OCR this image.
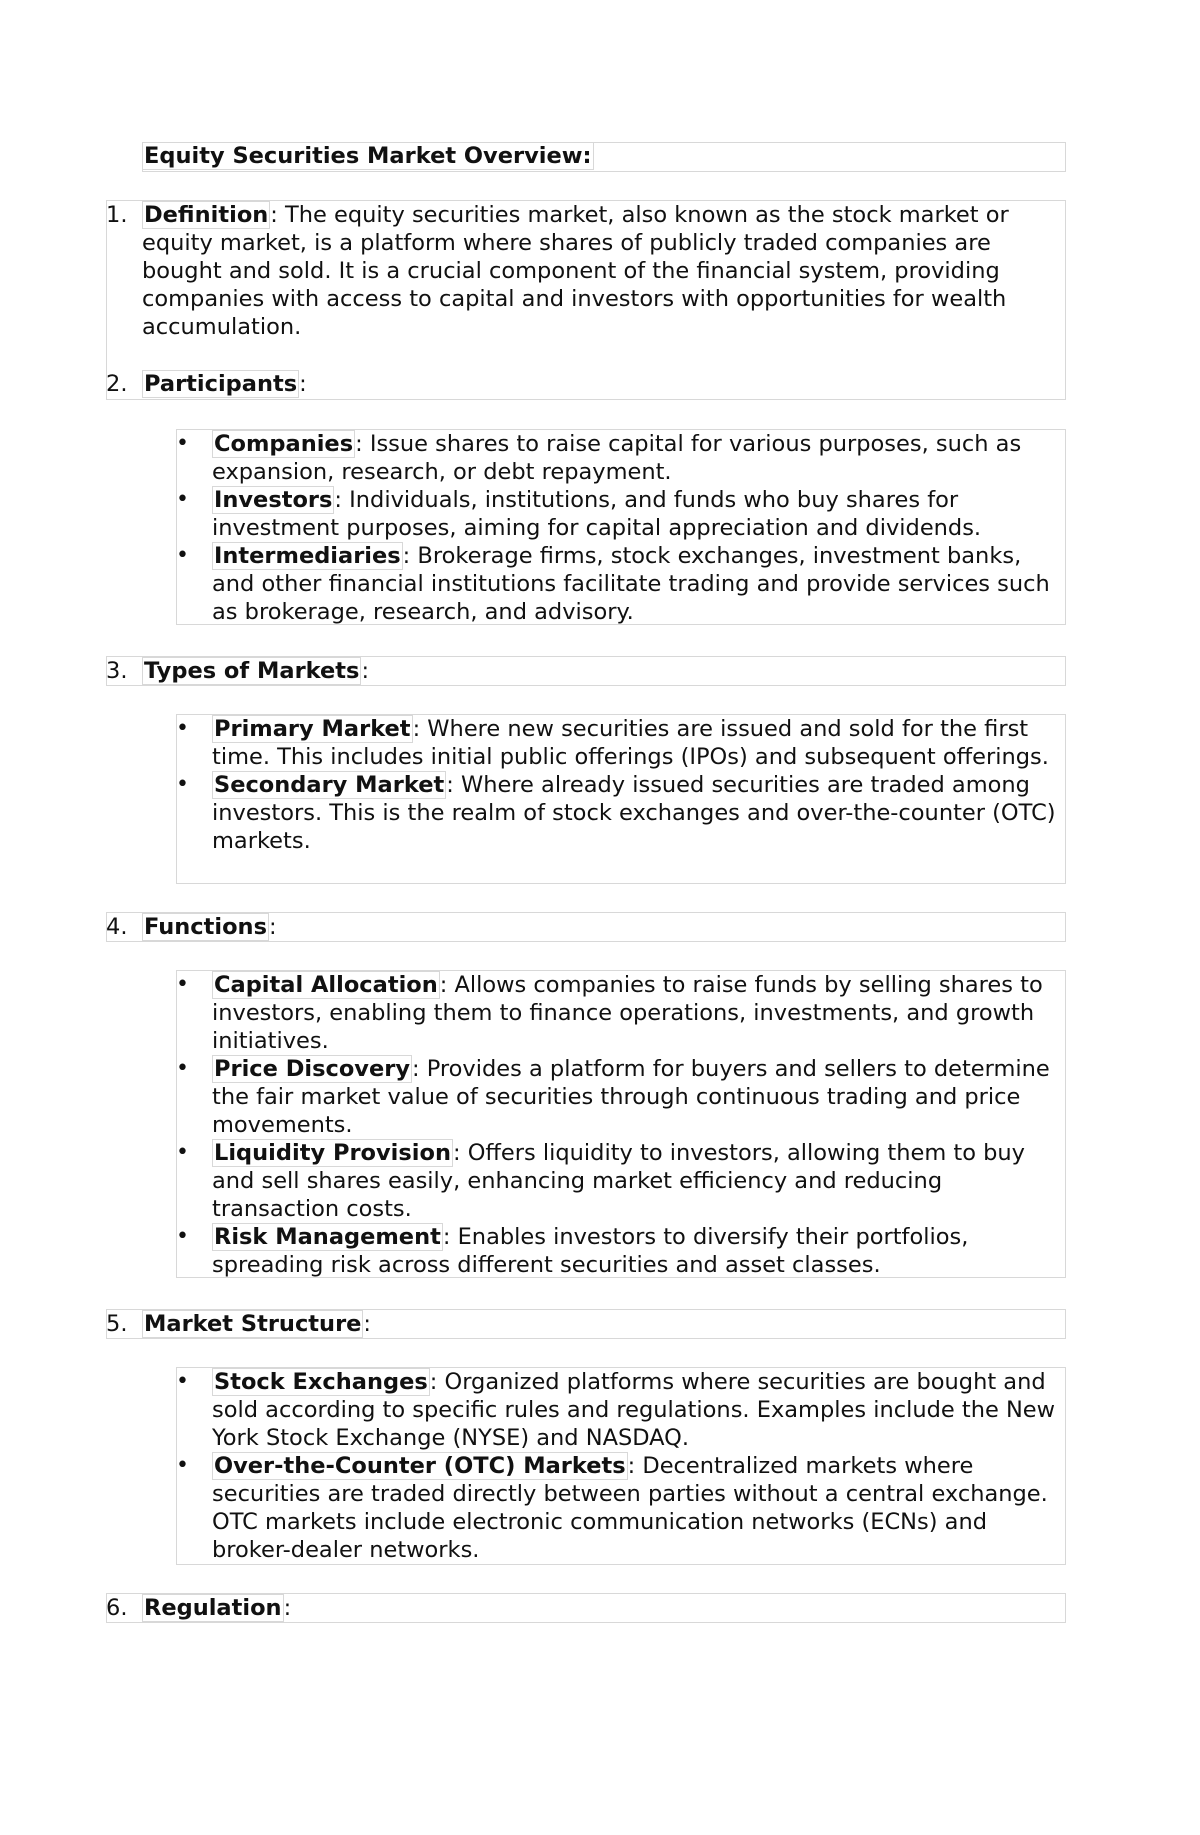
Equity Securities Market Overview:
1. Definition: The equity securities market, also known as the stock market or equity market, is a platform where shares of publicly traded companies are bought and sold. It is a crucial component of the financial system, providing companies with access to capital and investors with opportunities for wealth accumulation.
2. Participants:
• Companies: Issue shares to raise capital for various purposes, such as expansion, research, or debt repayment.
• Investors: Individuals, institutions, and funds who buy shares for investment purposes, aiming for capital appreciation and dividends.
• Intermediaries: Brokerage firms, stock exchanges, investment banks, and other financial institutions facilitate trading and provide services such as brokerage, research, and advisory.
3. Types of Markets:
• Primary Market: Where new securities are issued and sold for the first time. This includes initial public offerings (IPOs) and subsequent offerings.
• Secondary Market: Where already issued securities are traded among investors. This is the realm of stock exchanges and over-the-counter (OTC) markets.
4. Functions:
• Capital Allocation: Allows companies to raise funds by selling shares to investors, enabling them to finance operations, investments, and growth initiatives.
• Price Discovery: Provides a platform for buyers and sellers to determine the fair market value of securities through continuous trading and price movements.
• Liquidity Provision: Offers liquidity to investors, allowing them to buy and sell shares easily, enhancing market efficiency and reducing transaction costs.
• Risk Management: Enables investors to diversify their portfolios, spreading risk across different securities and asset classes.
5. Market Structure:
• Stock Exchanges: Organized platforms where securities are bought and sold according to specific rules and regulations. Examples include the New York Stock Exchange (NYSE) and NASDAQ.
• Over-the-Counter (OTC) Markets: Decentralized markets where securities are traded directly between parties without a central exchange. OTC markets include electronic communication networks (ECNs) and broker-dealer networks.
6. Regulation:
